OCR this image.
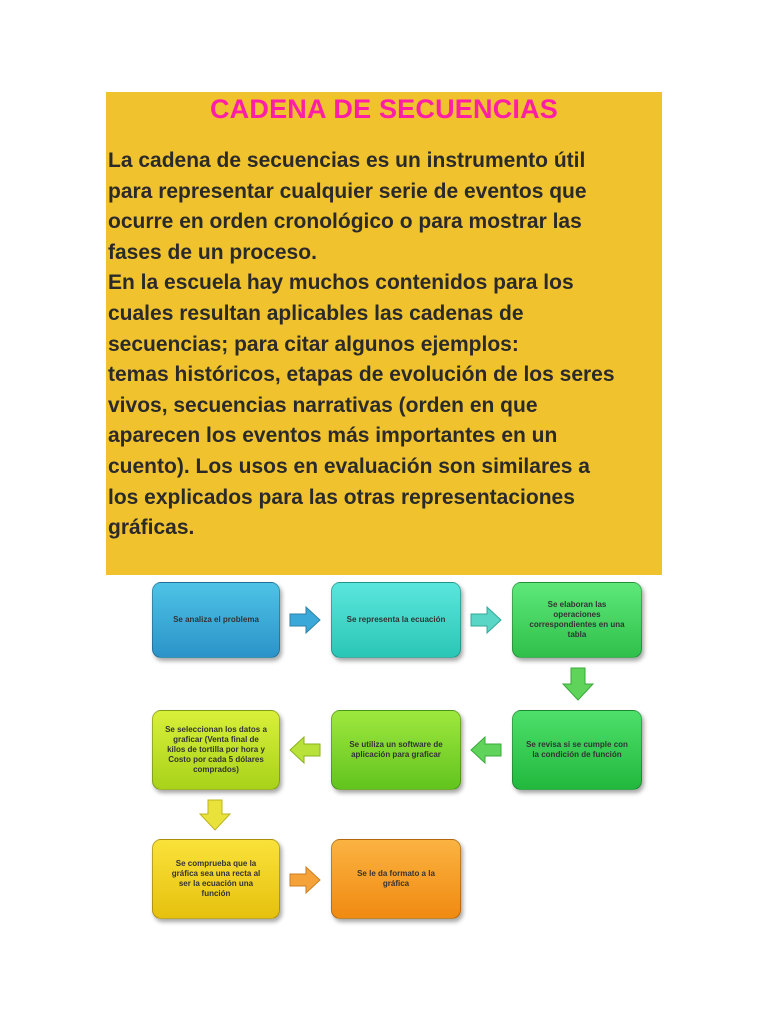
CADENA DE SECUENCIAS
La cadena de secuencias es un instrumento útil
para representar cualquier serie de eventos que
ocurre en orden cronológico o para mostrar las
fases de un proceso.
En la escuela hay muchos contenidos para los
cuales resultan aplicables las cadenas de
secuencias; para citar algunos ejemplos:
temas históricos, etapas de evolución de los seres
vivos, secuencias narrativas (orden en que
aparecen los eventos más importantes en un
cuento). Los usos en evaluación son similares a
los explicados para las otras representaciones
gráficas.
Se analiza el problema	Se representa la ecuación
Se elaboran las
operaciones
correspondientes en una
tabla
Se seleccionan los datos a
graficar (Venta final de
kilos de tortilla por hora y
Costo por cada 5 dólares
comprados)
Se utiliza un software de
aplicación para graficar
Se revisa si se cumple con
la condición de función
Se comprueba que la
gráfica sea una recta al
ser la ecuación una
función
Se le da formato a la
gráfica
